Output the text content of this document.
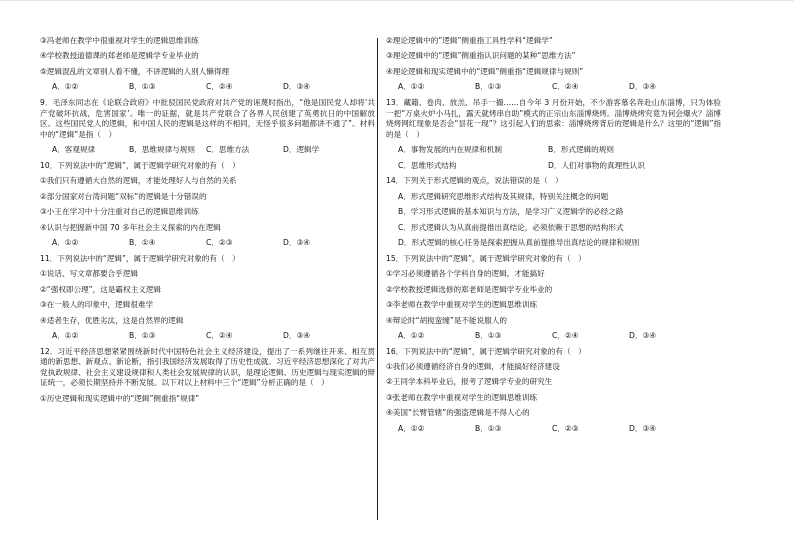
③冯老师在教学中很重视对学生的逻辑思维训练
④学校教授道德课的郑老师是逻辑学专业毕业的
⑤逻辑混乱的文章别人看不懂，不讲逻辑的人别人懒得理
A．①②	B．①③	C．②④	D．③④
9．毛泽东同志在《论联合政府》中批驳国民党政府对共产党的诬蔑时指出，“他是国民党人却将‘共产党破坏抗战，危害国家’。唯一的证据，就是共产党联合了各界人民创建了英勇抗日的中国解放区。这些国民党人的逻辑，和中国人民的逻辑是这样的不相同，无怪乎很多问题都讲不通了”。材料中的“逻辑”是指（　）
A．客观规律	B．思维规律与规则	C．思维方法	D．逻辑学
10．下列说法中的“逻辑”，属于逻辑学研究对象的有（　）
①我们只有遵循大自然的逻辑，才能处理好人与自然的关系
②部分国家对台湾问题“双标”的逻辑是十分错误的
③小王在学习中十分注重对自己的逻辑思维训练
④认识与把握新中国 70 多年社会主义探索的内在逻辑
A．①②	B．①④	C．②③	D．③④
11．下列说法中的“逻辑”，属于逻辑学研究对象的有（　）
①说话、写文章都要合乎逻辑
②“强权即公理”，这是霸权主义逻辑
③在一般人的印象中，逻辑很难学
④适者生存，优胜劣汰，这是自然界的逻辑
A．①②	B．①③	C．②④	D．③④
12．习近平经济思想紧紧围绕新时代中国特色社会主义经济建设，提出了一系列继往开来、相互贯通的新思想、新观点、新论断，指引我国经济发展取得了历史性成就。习近平经济思想深化了对共产党执政规律、社会主义建设规律和人类社会发展规律的认识，是理论逻辑、历史逻辑与现实逻辑的辩证统一，必须长期坚持并不断发展。以下对以上材料中三个“逻辑”分析正确的是（　）
①历史逻辑和现实逻辑中的“逻辑”侧重指“规律”
②理论逻辑中的“逻辑”侧重指工具性学科“逻辑学”
③理论逻辑中的“逻辑”侧重指认识问题的某种“思维方法”
④理论逻辑和现实逻辑中的“逻辑”侧重指“逻辑规律与规则”
A．①②	B．①③	C．②④	D．③④
13．藏籍、卷肉、放羔、吊手一撮……自今年 3 月份开始，不少游客慕名奔赴山东淄博，只为体验一把“万桌火炉小马扎，露天就烤串自助”模式的正宗山东淄博烧烤。淄博烧烤究竟为何会爆火？淄博烧烤网红现象是否会“昙花一现”？这引起人们的思索：淄博烧烤背后的逻辑是什么？这里的“逻辑”指的是（　）
A．事物发展的内在规律和机制	B．形式逻辑的规则
C．思维形式结构	D．人们对事物的真理性认识
14．下列关于形式逻辑的观点，说法错误的是（　）
A．形式逻辑研究思维形式结构及其规律，特别关注概念的问题
B．学习形式逻辑的基本知识与方法，是学习广义逻辑学的必经之路
C．形式逻辑认为从真前提推出真结论，必须依赖于思想的结构形式
D．形式逻辑的核心任务是探索把握从真前提推导出真结论的规律和规则
15．下列说法中的“逻辑”，属于逻辑学研究对象的有（　）
①学习必须遵循各个学科自身的逻辑，才能搞好
②学校教授逻辑选修的郑老师是逻辑学专业毕业的
③李老师在教学中重视对学生的逻辑思维训练
④辩论时“胡搅蛮缠”是不能说服人的
A．①②	B．①③	C．②④	D．③④
16．下列说法中的“逻辑”，属于逻辑学研究对象的有（　）
①我们必须遵循经济自身的逻辑，才能搞好经济建设
②王同学本科毕业后，报考了逻辑学专业的研究生
③张老师在教学中重视对学生的逻辑思维训练
④美国“长臂管辖”的强盗逻辑是不得人心的
A．①②	B．①③	C．②③	D．③④
